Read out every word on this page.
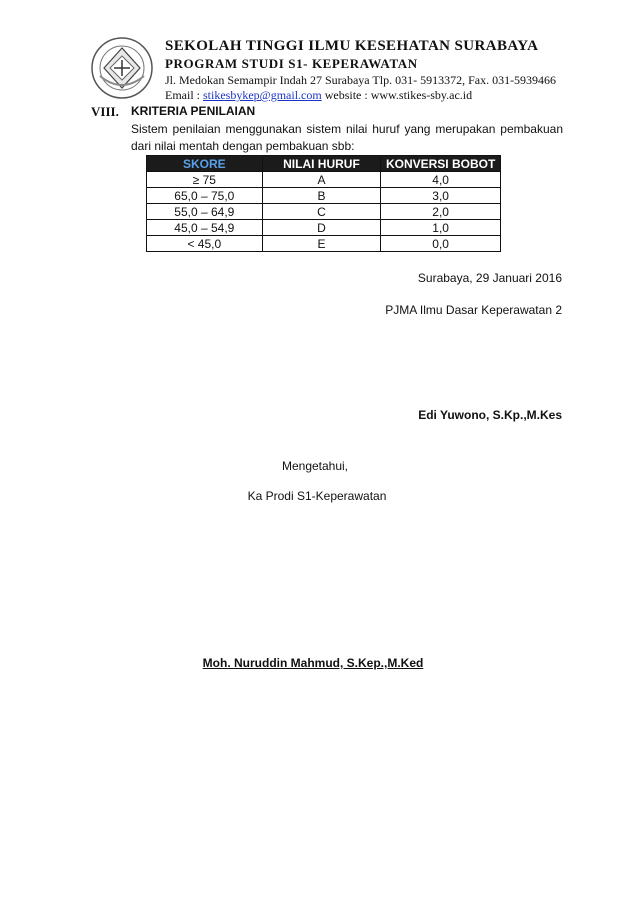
SEKOLAH TINGGI ILMU KESEHATAN SURABAYA
PROGRAM STUDI S1- KEPERAWATAN
Jl. Medokan Semampir Indah 27 Surabaya Tlp. 031- 5913372, Fax. 031-5939466
Email : stikesbykep@gmail.com website : www.stikes-sby.ac.id
VIII. KRITERIA PENILAIAN
Sistem penilaian menggunakan sistem nilai huruf yang merupakan pembakuan dari nilai mentah dengan pembakuan sbb:
SKORE	NILAI HURUF	KONVERSI BOBOT
≥ 75	A	4,0
65,0 – 75,0	B	3,0
55,0 – 64,9	C	2,0
45,0 – 54,9	D	1,0
< 45,0	E	0,0
Surabaya, 29 Januari 2016
PJMA Ilmu Dasar Keperawatan 2
Edi Yuwono, S.Kp.,M.Kes
Mengetahui,
Ka Prodi S1-Keperawatan
Moh. Nuruddin Mahmud, S.Kep.,M.Ked
